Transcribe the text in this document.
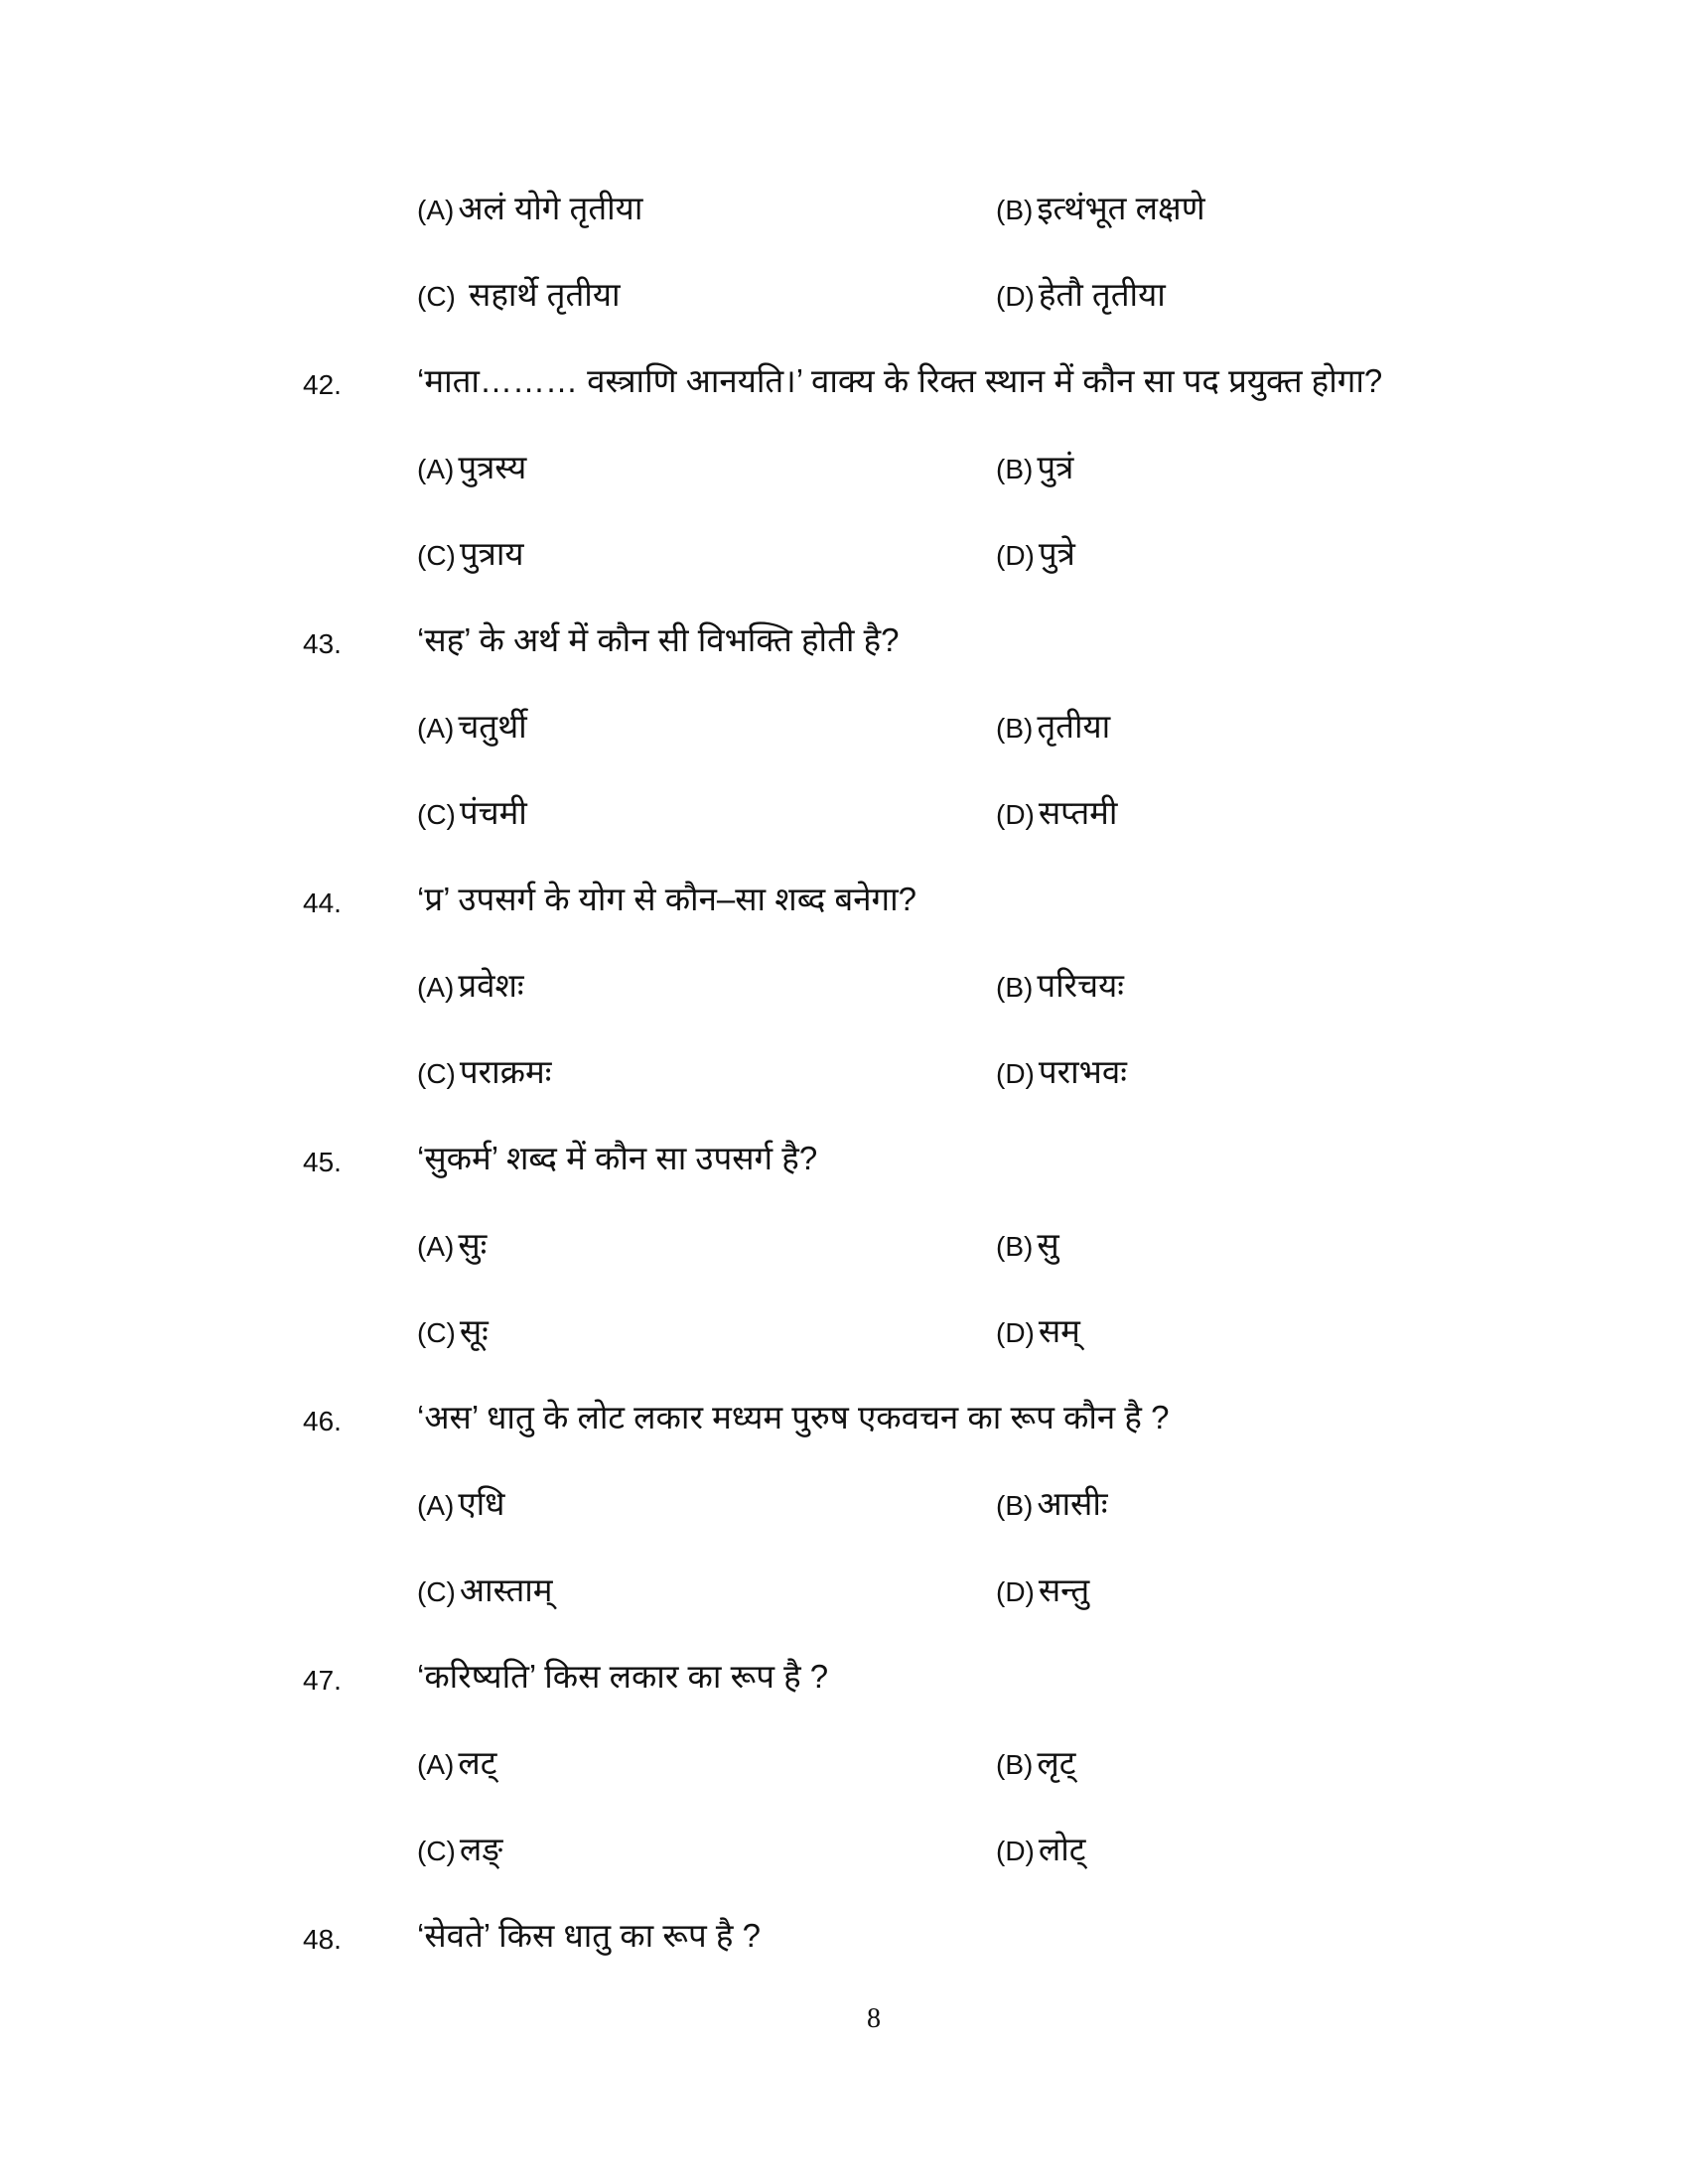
(A) अलं योगे तृतीया	(B) इत्थंभूत लक्षणे
(C) सहार्थे तृतीया	(D) हेतौ तृतीया
42. ‘माता……… वस्त्राणि आनयति।’ वाक्य के रिक्त स्थान में कौन सा पद प्रयुक्त होगा?
(A) पुत्रस्य	(B) पुत्रं
(C) पुत्राय	(D) पुत्रे
43. ‘सह’ के अर्थ में कौन सी विभक्ति होती है?
(A) चतुर्थी	(B) तृतीया
(C) पंचमी	(D) सप्तमी
44. ‘प्र’ उपसर्ग के योग से कौन–सा शब्द बनेगा?
(A) प्रवेशः	(B) परिचयः
(C) पराक्रमः	(D) पराभवः
45. ‘सुकर्म’ शब्द में कौन सा उपसर्ग है?
(A) सुः	(B) सु
(C) सूः	(D) सम्
46. ‘अस’ धातु के लोट लकार मध्यम पुरुष एकवचन का रूप कौन है ?
(A) एधि	(B) आसीः
(C) आस्ताम्	(D) सन्तु
47. ‘करिष्यति’ किस लकार का रूप है ?
(A) लट्	(B) लृट्
(C) लङ्	(D) लोट्
48. ‘सेवते’ किस धातु का रूप है ?
8
